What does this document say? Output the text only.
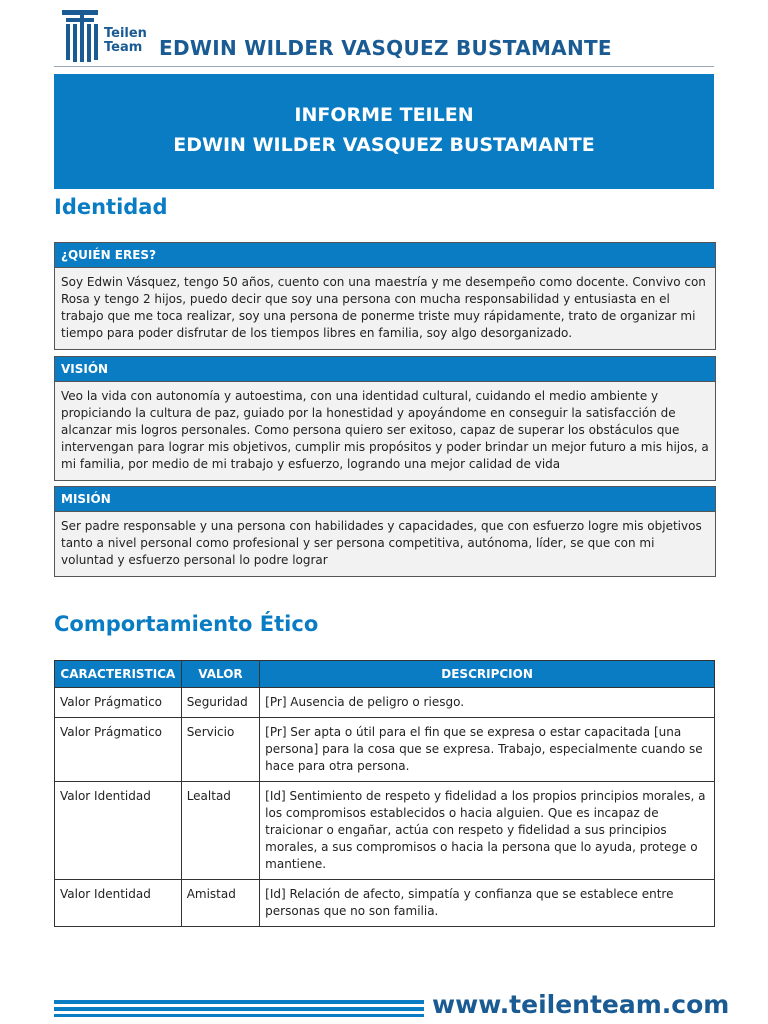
Teilen
Team EDWIN WILDER VASQUEZ BUSTAMANTE
INFORME TEILEN
EDWIN WILDER VASQUEZ BUSTAMANTE
Identidad
¿QUIÉN ERES?
Soy Edwin Vásquez, tengo 50 años, cuento con una maestría y me desempeño como docente. Convivo con Rosa y tengo 2 hijos, puedo decir que soy una persona con mucha responsabilidad y entusiasta en el trabajo que me toca realizar, soy una persona de ponerme triste muy rápidamente, trato de organizar mi tiempo para poder disfrutar de los tiempos libres en familia, soy algo desorganizado.
VISIÓN
Veo la vida con autonomía y autoestima, con una identidad cultural, cuidando el medio ambiente y propiciando la cultura de paz, guiado por la honestidad y apoyándome en conseguir la satisfacción de alcanzar mis logros personales. Como persona quiero ser exitoso, capaz de superar los obstáculos que intervengan para lograr mis objetivos, cumplir mis propósitos y poder brindar un mejor futuro a mis hijos, a mi familia, por medio de mi trabajo y esfuerzo, logrando una mejor calidad de vida
MISIÓN
Ser padre responsable y una persona con habilidades y capacidades, que con esfuerzo logre mis objetivos tanto a nivel personal como profesional y ser persona competitiva, autónoma, líder, se que con mi voluntad y esfuerzo personal lo podre lograr
Comportamiento Ético
CARACTERISTICA	VALOR	DESCRIPCION
Valor Prágmatico	Seguridad	[Pr] Ausencia de peligro o riesgo.
Valor Prágmatico	Servicio	[Pr] Ser apta o útil para el fin que se expresa o estar capacitada [una persona] para la cosa que se expresa. Trabajo, especialmente cuando se hace para otra persona.
Valor Identidad	Lealtad	[Id] Sentimiento de respeto y fidelidad a los propios principios morales, a los compromisos establecidos o hacia alguien. Que es incapaz de traicionar o engañar, actúa con respeto y fidelidad a sus principios morales, a sus compromisos o hacia la persona que lo ayuda, protege o mantiene.
Valor Identidad	Amistad	[Id] Relación de afecto, simpatía y confianza que se establece entre personas que no son familia.
www.teilenteam.com
